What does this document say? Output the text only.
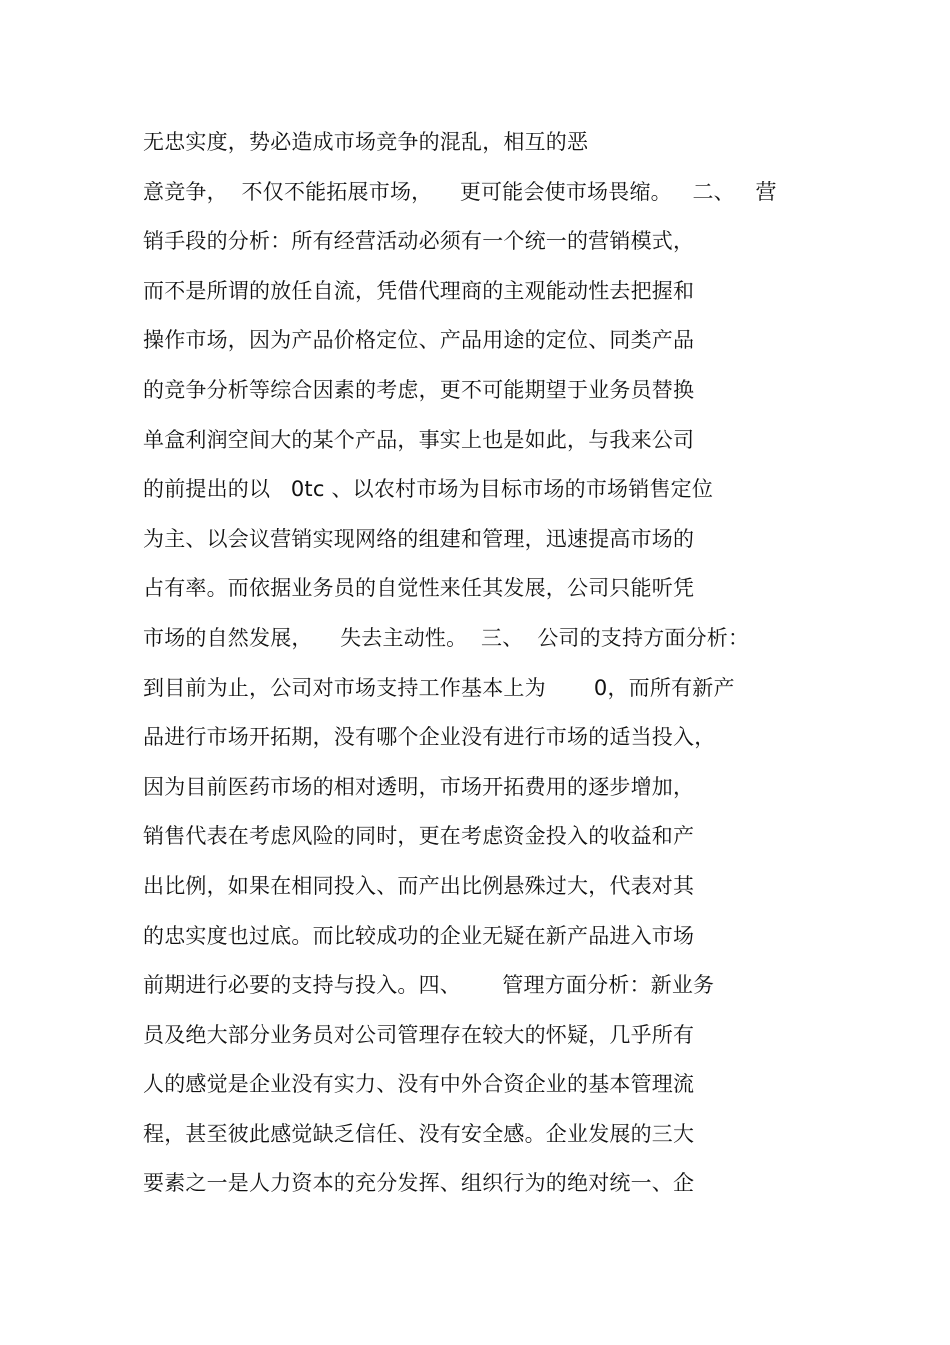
无忠实度，势必造成市场竞争的混乱，相互的恶
意竞争，  不仅不能拓展市场，    更可能会使市场畏缩。   二、   营
销手段的分析：所有经营活动必须有一个统一的营销模式，
而不是所谓的放任自流，凭借代理商的主观能动性去把握和
操作市场，因为产品价格定位、产品用途的定位、同类产品
的竞争分析等综合因素的考虑，更不可能期望于业务员替换
单盒利润空间大的某个产品，事实上也是如此，与我来公司
的前提出的以   0tc 、以农村市场为目标市场的市场销售定位
为主、以会议营销实现网络的组建和管理，迅速提高市场的
占有率。而依据业务员的自觉性来任其发展，公司只能听凭
市场的自然发展，    失去主动性。  三、  公司的支持方面分析：
到目前为止，公司对市场支持工作基本上为       0，而所有新产
品进行市场开拓期，没有哪个企业没有进行市场的适当投入，
因为目前医药市场的相对透明，市场开拓费用的逐步增加，
销售代表在考虑风险的同时，更在考虑资金投入的收益和产
出比例，如果在相同投入、而产出比例悬殊过大，代表对其
的忠实度也过底。而比较成功的企业无疑在新产品进入市场
前期进行必要的支持与投入。四、      管理方面分析：新业务
员及绝大部分业务员对公司管理存在较大的怀疑，几乎所有
人的感觉是企业没有实力、没有中外合资企业的基本管理流
程，甚至彼此感觉缺乏信任、没有安全感。企业发展的三大
要素之一是人力资本的充分发挥、组织行为的绝对统一、企
